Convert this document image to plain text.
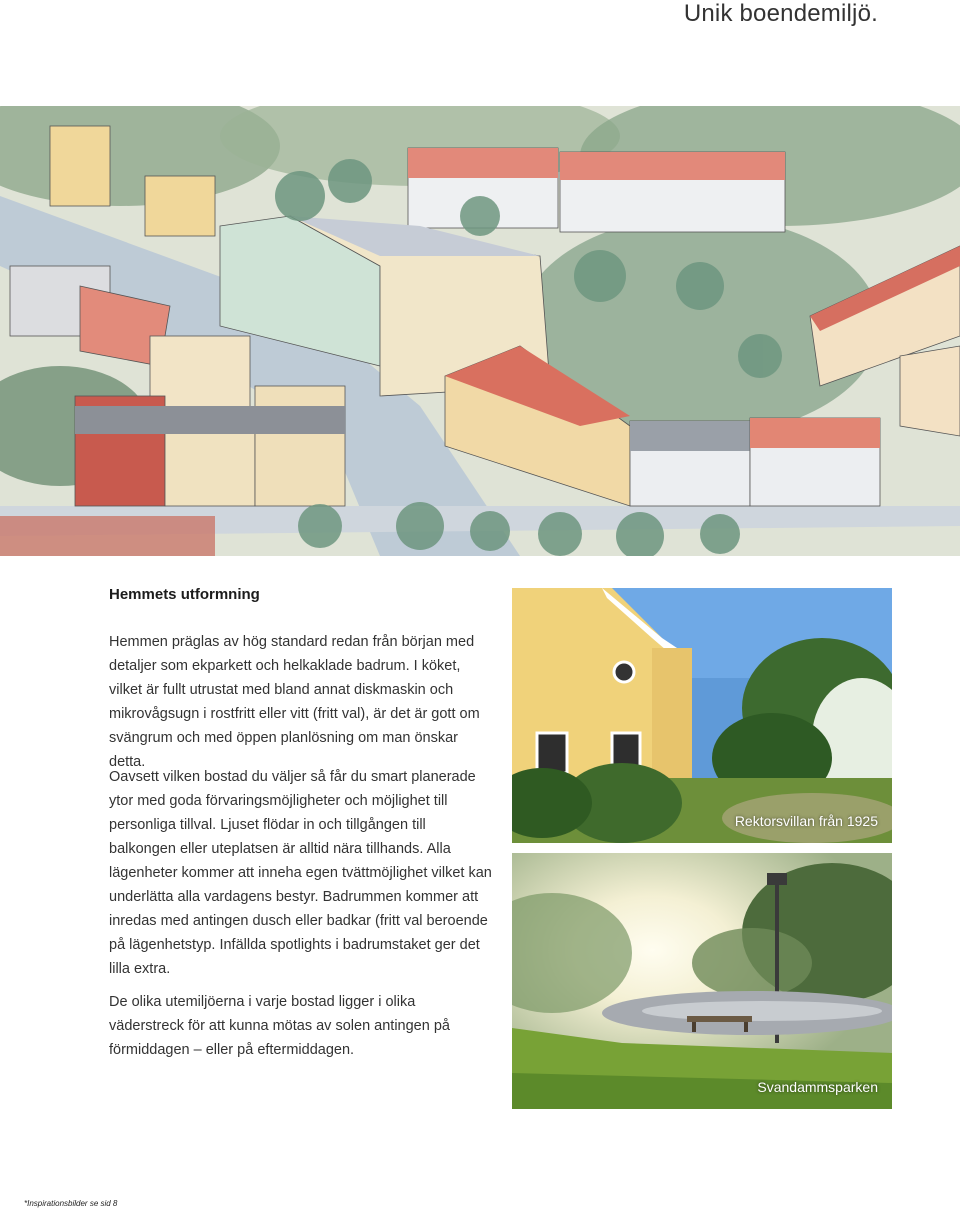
Unik boendemiljö.
Hemmets utformning

Hemmen präglas av hög standard redan från början med detaljer som ekparkett och helkaklade badrum. I köket, vilket är fullt utrustat med bland annat diskmaskin och mikrovågsugn i rostfritt eller vitt (fritt val), är det är gott om svängrum och med öppen planlösning om man önskar detta.

Oavsett vilken bostad du väljer så får du smart planerade ytor med goda förvaringsmöjligheter och möjlighet till personliga tillval. Ljuset flödar in och tillgången till balkongen eller uteplatsen är alltid nära tillhands. Alla lägenheter kommer att inneha egen tvättmöjlighet vilket kan underlätta alla vardagens bestyr. Badrummen kommer att inredas med antingen dusch eller badkar (fritt val beroende på lägenhetstyp. Infällda spotlights i badrumstaket ger det lilla extra.

De olika utemiljöerna i varje bostad ligger i olika väderstreck för att kunna mötas av solen antingen på förmiddagen – eller på eftermiddagen.

Rektorsvillan från 1925
Svandammsparken
*Inspirationsbilder se sid 8
